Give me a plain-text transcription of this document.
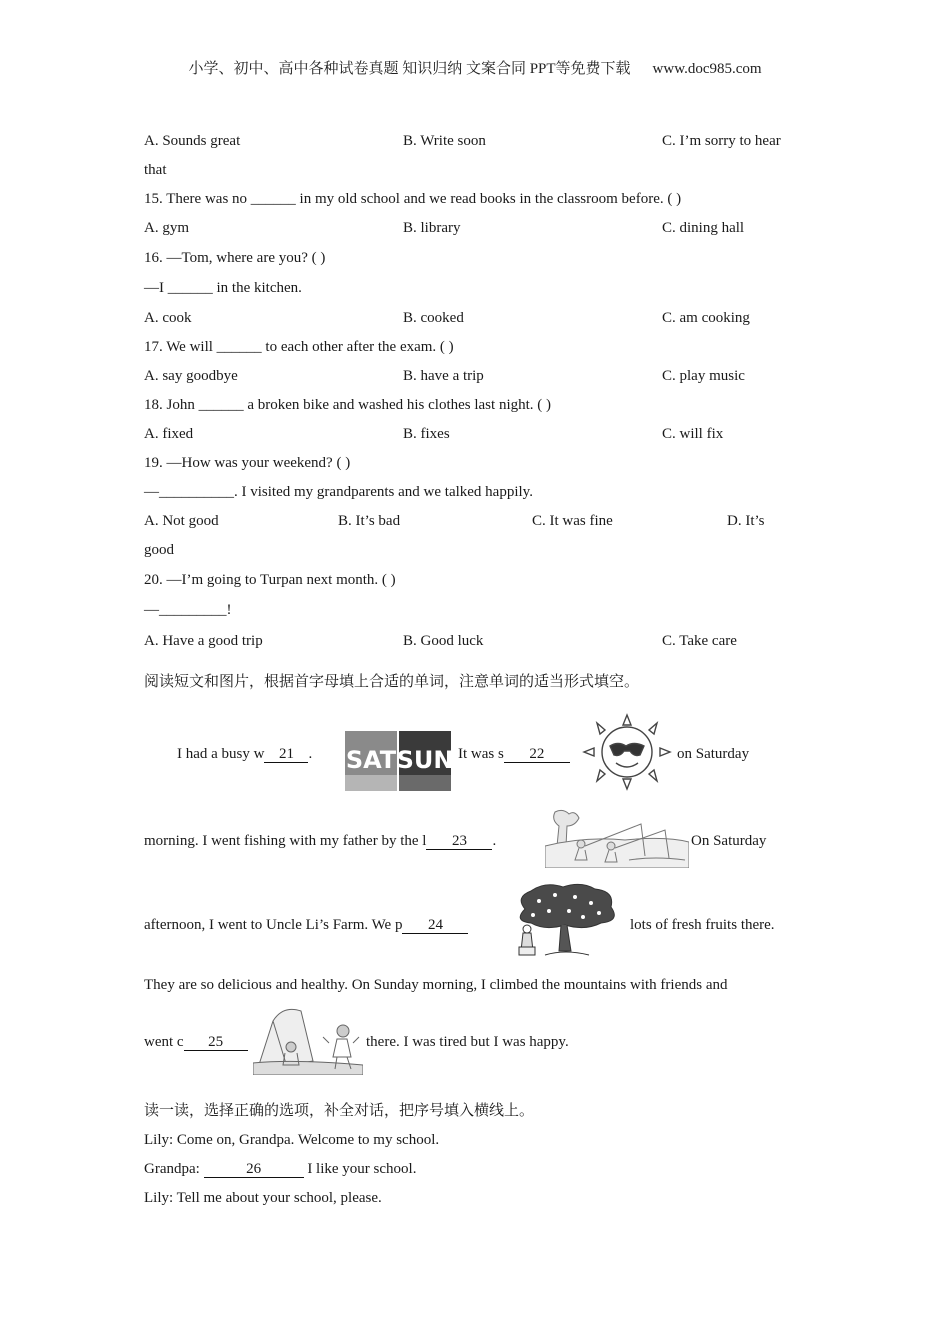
小学、初中、高中各种试卷真题 知识归纳 文案合同 PPT等免费下载 www.doc985.com
A. Sounds great	B. Write soon	C. I’m sorry to hear
that
15. There was no ______ in my old school and we read books in the classroom before. ( )
A. gym	B. library	C. dining hall
16. —Tom, where are you? ( )
—I ______ in the kitchen.
A. cook	B. cooked	C. am cooking
17. We will ______ to each other after the exam. ( )
A. say goodbye	B. have a trip	C. play music
18. John ______ a broken bike and washed his clothes last night. ( )
A. fixed	B. fixes	C. will fix
19. —How was your weekend? ( )
—__________. I visited my grandparents and we talked happily.
A. Not good	B. It’s bad	C. It was fine	D. It’s
good
20. —I’m going to Turpan next month. ( )
—_________!
A. Have a good trip	B. Good luck	C. Take care
阅读短文和图片，根据首字母填上合适的单词，注意单词的适当形式填空。
I had a busy w 21 . SAT SUN It was s 22	on Saturday
morning. I went fishing with my father by the l 23 .	On Saturday
afternoon, I went to Uncle Li’s Farm. We p 24	lots of fresh fruits there.
They are so delicious and healthy. On Sunday morning, I climbed the mountains with friends and
went c 25	there. I was tired but I was happy.
读一读，选择正确的选项，补全对话，把序号填入横线上。
Lily: Come on, Grandpa. Welcome to my school.
Grandpa:	26	I like your school.
Lily: Tell me about your school, please.
